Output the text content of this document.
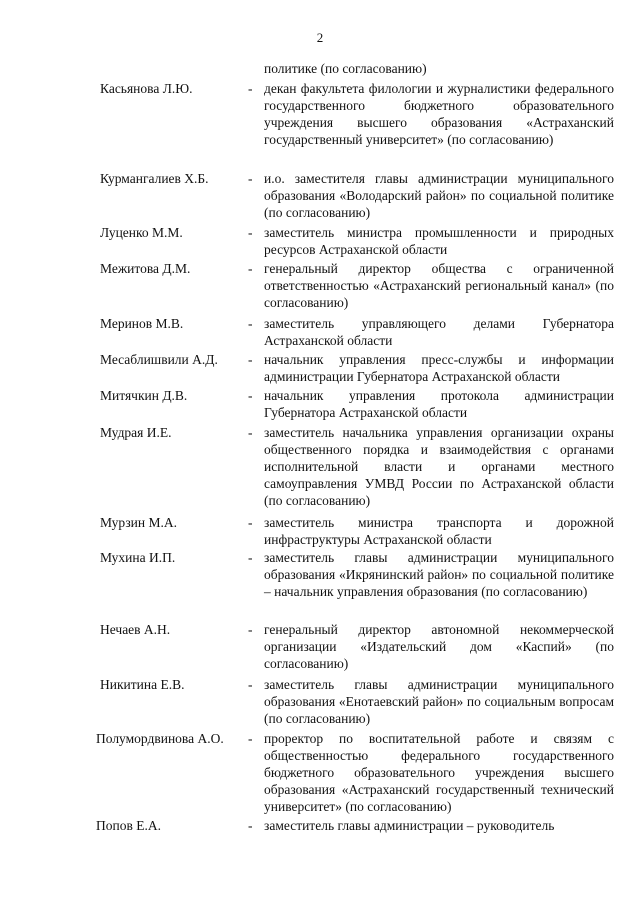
2
политике (по согласованию)
Касьянова Л.Ю.	- декан факультета филологии и журналистики федерального государственного бюджетного образовательного учреждения высшего образования «Астраханский государственный университет» (по согласованию)
Курмангалиев Х.Б.	- и.о. заместителя главы администрации муниципального образования «Володарский район» по социальной политике (по согласованию)
Луценко М.М.	- заместитель министра промышленности и природных ресурсов Астраханской области
Межитова Д.М.	- генеральный директор общества с ограниченной ответственностью «Астраханский региональный канал» (по согласованию)
Меринов М.В.	- заместитель управляющего делами Губернатора Астраханской области
Месаблишвили А.Д.	- начальник управления пресс-службы и информации администрации Губернатора Астраханской области
Митячкин Д.В.	- начальник управления протокола администрации Губернатора Астраханской области
Мудрая И.Е.	- заместитель начальника управления организации охраны общественного порядка и взаимодействия с органами исполнительной власти и органами местного самоуправления УМВД России по Астраханской области (по согласованию)
Мурзин М.А.	- заместитель министра транспорта и дорожной инфраструктуры Астраханской области
Мухина И.П.	- заместитель главы администрации муниципального образования «Икрянинский район» по социальной политике – начальник управления образования (по согласованию)
Нечаев А.Н.	- генеральный директор автономной некоммерческой организации «Издательский дом «Каспий» (по согласованию)
Никитина Е.В.	- заместитель главы администрации муниципального образования «Енотаевский район» по социальным вопросам (по согласованию)
Полумордвинова А.О.	- проректор по воспитательной работе и связям с общественностью федерального государственного бюджетного образовательного учреждения высшего образования «Астраханский государственный технический университет» (по согласованию)
Попов Е.А.	- заместитель главы администрации – руководитель
